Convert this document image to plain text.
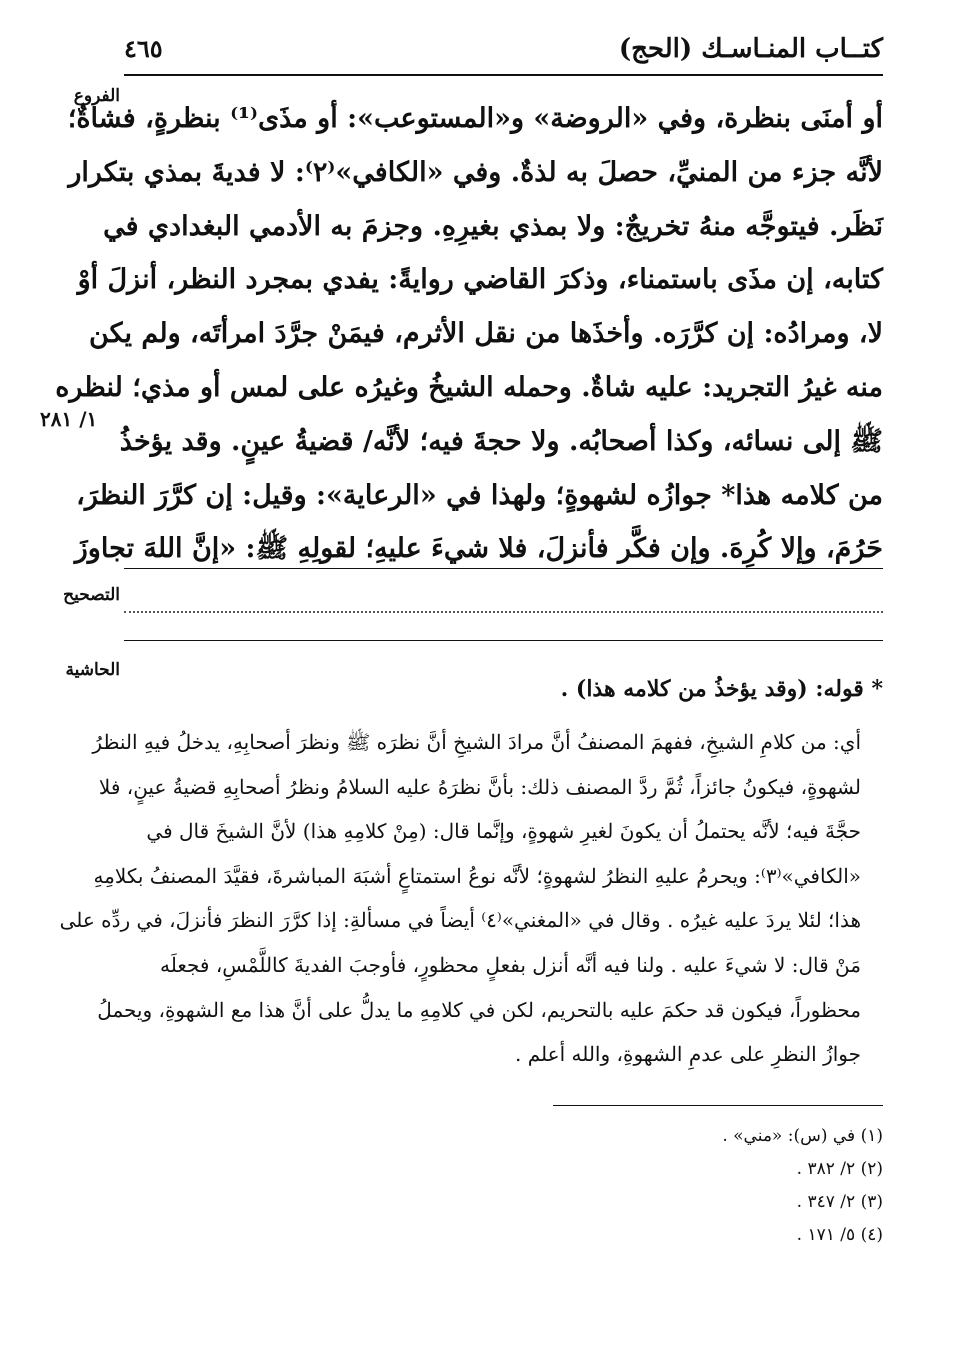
كتــاب المنـاسـك (الحج)
٤٦٥
الفروع
١/ ٢٨١
أو أمنَى بنظرة، وفي «الروضة» و«المستوعب»: أو مذَى⁽¹⁾ بنظرةٍ، فشاةٌ؛
لأنَّه جزء من المنيِّ، حصلَ به لذةٌ. وفي «الكافي»⁽٢⁾: لا فديةَ بمذي بتكرار
نَظَر. فيتوجَّه منهُ تخريجٌ: ولا بمذي بغيرِهِ. وجزمَ به الأدمي البغدادي في
كتابه، إن مذَى باستمناء، وذكرَ القاضي روايةً: يفدي بمجرد النظر، أنزلَ أوْ
لا، ومرادُه: إن كرَّرَه. وأخذَها من نقل الأثرم، فيمَنْ جرَّدَ امرأتَه، ولم يكن
منه غيرُ التجريد: عليه شاةٌ. وحمله الشيخُ وغيرُه على لمس أو مذي؛ لنظره
ﷺ إلى نسائه، وكذا أصحابُه. ولا حجةَ فيه؛ لأنَّه/ قضيةُ عينٍ. وقد يؤخذُ
من كلامه هذا* جوازُه لشهوةٍ؛ ولهذا في «الرعاية»: وقيل: إن كرَّرَ النظرَ،
حَرُمَ، وإلا كُرِهَ. وإن فكَّر فأنزلَ، فلا شيءَ عليهِ؛ لقولِهِ ﷺ: «إنَّ اللهَ تجاوزَ
التصحيح
الحاشية
* قوله: (وقد يؤخذُ من كلامه هذا) .
أي: من كلامِ الشيخِ، ففهمَ المصنفُ أنَّ مرادَ الشيخِ أنَّ نظرَه ﷺ ونظرَ أصحابِهِ، يدخلُ فيهِ النظرُ
لشهوةٍ، فيكونُ جائزاً، ثُمَّ ردَّ المصنف ذلك: بأنَّ نظرَهُ عليه السلامُ ونظرُ أصحابِهِ قضيةُ عينٍ، فلا
حجَّةَ فيه؛ لأنَّه يحتملُ أن يكونَ لغيرِ شهوةٍ، وإنَّما قال: (مِنْ كلامِهِ هذا) لأنَّ الشيخَ قال في
«الكافي»⁽٣⁾: ويحرمُ عليهِ النظرُ لشهوةٍ؛ لأنَّه نوعُ استمتاعٍ أشبَهَ المباشرةَ، فقيَّدَ المصنفُ بكلامِهِ
هذا؛ لئلا يردَ عليه غيرُه . وقال في «المغني»⁽٤⁾ أيضاً في مسألةِ: إذا كرَّرَ النظرَ فأنزلَ، في ردِّه على
مَنْ قال: لا شيءَ عليه . ولنا فيه أنَّه أنزل بفعلٍ محظورٍ، فأوجبَ الفديةَ كاللَّمْسِ، فجعلَه
محظوراً، فيكون قد حكمَ عليه بالتحريم، لكن في كلامِهِ ما يدلُّ على أنَّ هذا مع الشهوةِ، ويحملُ
جوازُ النظرِ على عدمِ الشهوةِ، والله أعلم .
(١) في (س): «مني» .
(٢) ٢/ ٣٨٢ .
(٣) ٢/ ٣٤٧ .
(٤) ٥/ ١٧١ .
